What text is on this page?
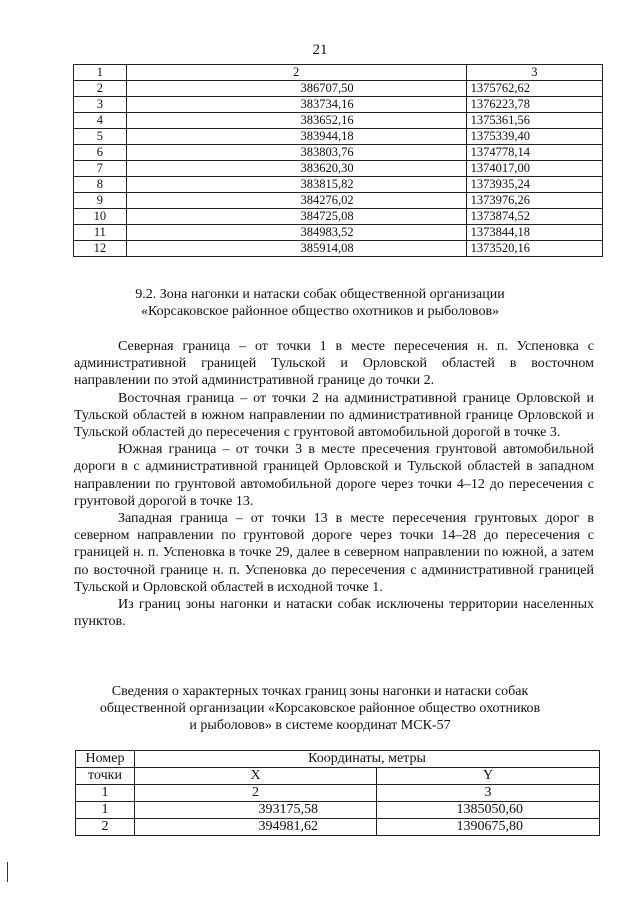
21
1	2	3
2	386707,50	1375762,62
3	383734,16	1376223,78
4	383652,16	1375361,56
5	383944,18	1375339,40
6	383803,76	1374778,14
7	383620,30	1374017,00
8	383815,82	1373935,24
9	384276,02	1373976,26
10	384725,08	1373874,52
11	384983,52	1373844,18
12	385914,08	1373520,16
9.2. Зона нагонки и натаски собак общественной организации
«Корсаковское районное общество охотников и рыболовов»

Северная граница – от точки 1 в месте пересечения н. п. Успеновка с административной границей Тульской и Орловской областей в восточном направлении по этой административной границе до точки 2.

Восточная граница – от точки 2 на административной границе Орловской и Тульской областей в южном направлении по административной границе Орловской и Тульской областей до пересечения с грунтовой автомобильной дорогой в точке 3.

Южная граница – от точки 3 в месте пресечения грунтовой автомобильной дороги в с административной границей Орловской и Тульской областей в западном направлении по грунтовой автомобильной дороге через точки 4–12 до пересечения с грунтовой дорогой в точке 13.

Западная граница – от точки 13 в месте пересечения грунтовых дорог в северном направлении по грунтовой дороге через точки 14–28 до пересечения с границей н. п. Успеновка в точке 29, далее в северном направлении по южной, а затем по восточной границе н. п. Успеновка до пересечения с административной границей Тульской и Орловской областей в исходной точке 1.

Из границ зоны нагонки и натаски собак исключены территории населенных пунктов.

Сведения о характерных точках границ зоны нагонки и натаски собак
общественной организации «Корсаковское районное общество охотников
и рыболовов» в системе координат МСК-57
Номер	Координаты, метры	
точки	X	Y
1	2	3
1	393175,58	1385050,60
2	394981,62	1390675,80
